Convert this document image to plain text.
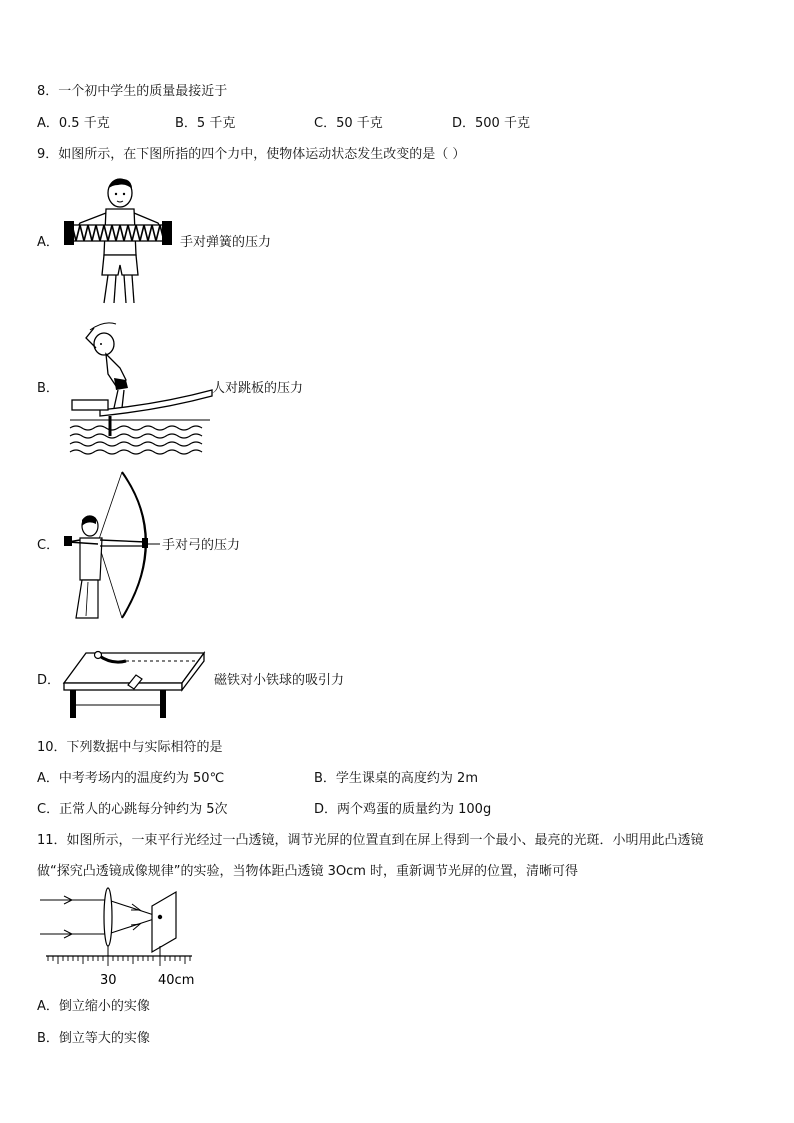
8．一个初中学生的质量最接近于
A．0.5 千克	B．5 千克	C．50 千克	D．500 千克
9．如图所示，在下图所指的四个力中，使物体运动状态发生改变的是（ ）
A．	手对弹簧的压力
B．	人对跳板的压力
C．	手对弓的压力
D．	磁铁对小铁球的吸引力
10．下列数据中与实际相符的是
A．中考考场内的温度约为 50℃	B．学生课桌的高度约为 2m
C．正常人的心跳每分钟约为 5次	D．两个鸡蛋的质量约为 100g
11．如图所示，一束平行光经过一凸透镜，调节光屏的位置直到在屏上得到一个最小、最亮的光斑．小明用此凸透镜
做“探究凸透镜成像规律”的实验，当物体距凸透镜 3Ocm 时，重新调节光屏的位置，清晰可得
30	40cm
A．倒立缩小的实像
B．倒立等大的实像
